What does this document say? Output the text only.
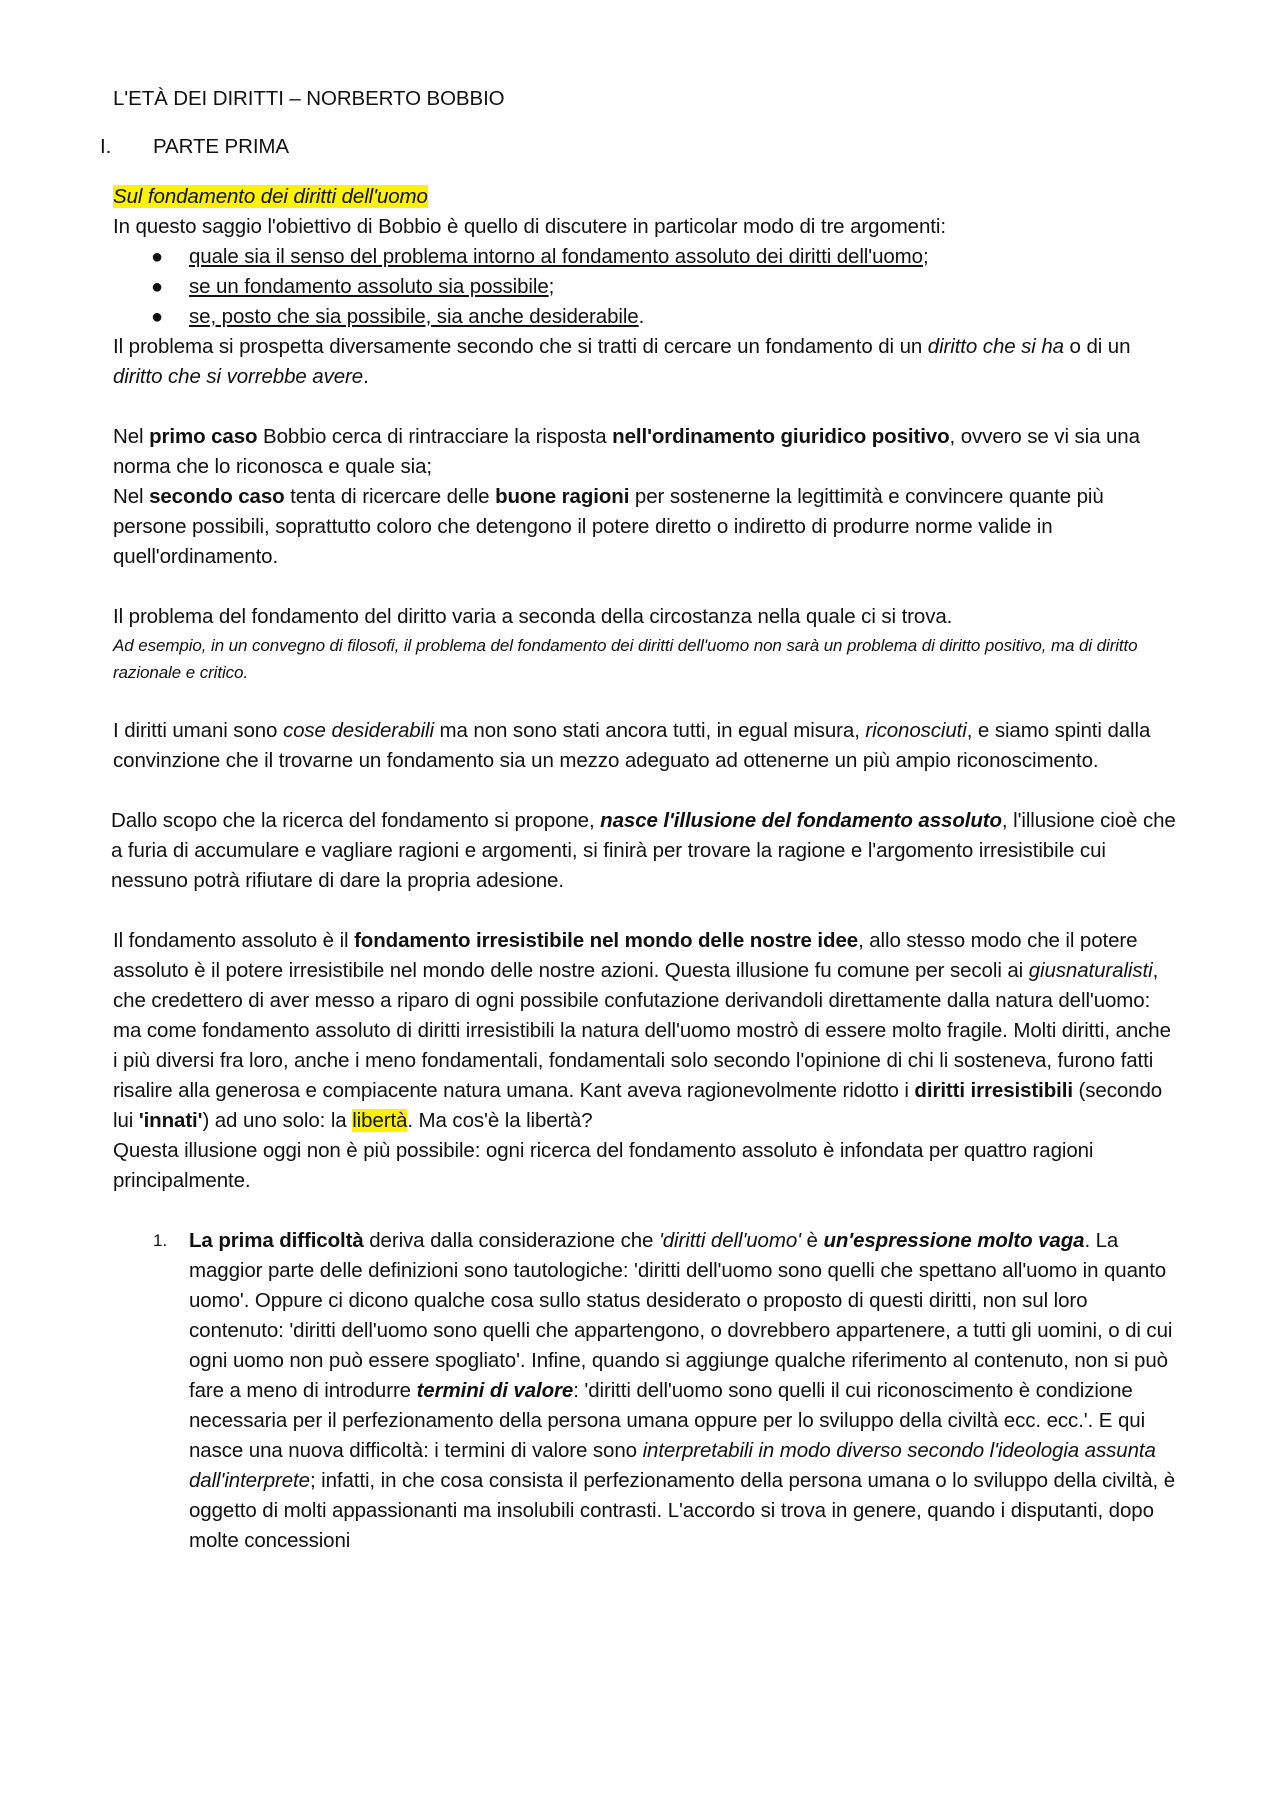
L'ETÀ DEI DIRITTI – NORBERTO BOBBIO
I. PARTE PRIMA

Sul fondamento dei diritti dell'uomo

In questo saggio l'obiettivo di Bobbio è quello di discutere in particolar modo di tre argomenti:

● quale sia il senso del problema intorno al fondamento assoluto dei diritti dell'uomo;
● se un fondamento assoluto sia possibile;
● se, posto che sia possibile, sia anche desiderabile.

Il problema si prospetta diversamente secondo che si tratti di cercare un fondamento di un diritto che si ha o di un diritto che si vorrebbe avere.

Nel primo caso Bobbio cerca di rintracciare la risposta nell'ordinamento giuridico positivo, ovvero se vi sia una norma che lo riconosca e quale sia;

Nel secondo caso tenta di ricercare delle buone ragioni per sostenerne la legittimità e convincere quante più persone possibili, soprattutto coloro che detengono il potere diretto o indiretto di produrre norme valide in quell'ordinamento.

Il problema del fondamento del diritto varia a seconda della circostanza nella quale ci si trova.

Ad esempio, in un convegno di filosofi, il problema del fondamento dei diritti dell'uomo non sarà un problema di diritto positivo, ma di diritto razionale e critico.

I diritti umani sono cose desiderabili ma non sono stati ancora tutti, in egual misura, riconosciuti, e siamo spinti dalla convinzione che il trovarne un fondamento sia un mezzo adeguato ad ottenerne un più ampio riconoscimento.

Dallo scopo che la ricerca del fondamento si propone, nasce l'illusione del fondamento assoluto, l'illusione cioè che a furia di accumulare e vagliare ragioni e argomenti, si finirà per trovare la ragione e l'argomento irresistibile cui nessuno potrà rifiutare di dare la propria adesione.

Il fondamento assoluto è il fondamento irresistibile nel mondo delle nostre idee, allo stesso modo che il potere assoluto è il potere irresistibile nel mondo delle nostre azioni. Questa illusione fu comune per secoli ai giusnaturalisti, che credettero di aver messo a riparo di ogni possibile confutazione derivandoli direttamente dalla natura dell'uomo: ma come fondamento assoluto di diritti irresistibili la natura dell'uomo mostrò di essere molto fragile. Molti diritti, anche i più diversi fra loro, anche i meno fondamentali, fondamentali solo secondo l'opinione di chi li sosteneva, furono fatti risalire alla generosa e compiacente natura umana. Kant aveva ragionevolmente ridotto i diritti irresistibili (secondo lui 'innati') ad uno solo: la libertà. Ma cos'è la libertà?

Questa illusione oggi non è più possibile: ogni ricerca del fondamento assoluto è infondata per quattro ragioni principalmente.

1. La prima difficoltà deriva dalla considerazione che 'diritti dell'uomo' è un'espressione molto vaga. La maggior parte delle definizioni sono tautologiche: 'diritti dell'uomo sono quelli che spettano all'uomo in quanto uomo'. Oppure ci dicono qualche cosa sullo status desiderato o proposto di questi diritti, non sul loro contenuto: 'diritti dell'uomo sono quelli che appartengono, o dovrebbero appartenere, a tutti gli uomini, o di cui ogni uomo non può essere spogliato'. Infine, quando si aggiunge qualche riferimento al contenuto, non si può fare a meno di introdurre termini di valore: 'diritti dell'uomo sono quelli il cui riconoscimento è condizione necessaria per il perfezionamento della persona umana oppure per lo sviluppo della civiltà ecc. ecc.'. E qui nasce una nuova difficoltà: i termini di valore sono interpretabili in modo diverso secondo l'ideologia assunta dall'interprete; infatti, in che cosa consista il perfezionamento della persona umana o lo sviluppo della civiltà, è oggetto di molti appassionanti ma insolubili contrasti. L'accordo si trova in genere, quando i disputanti, dopo molte concessioni
